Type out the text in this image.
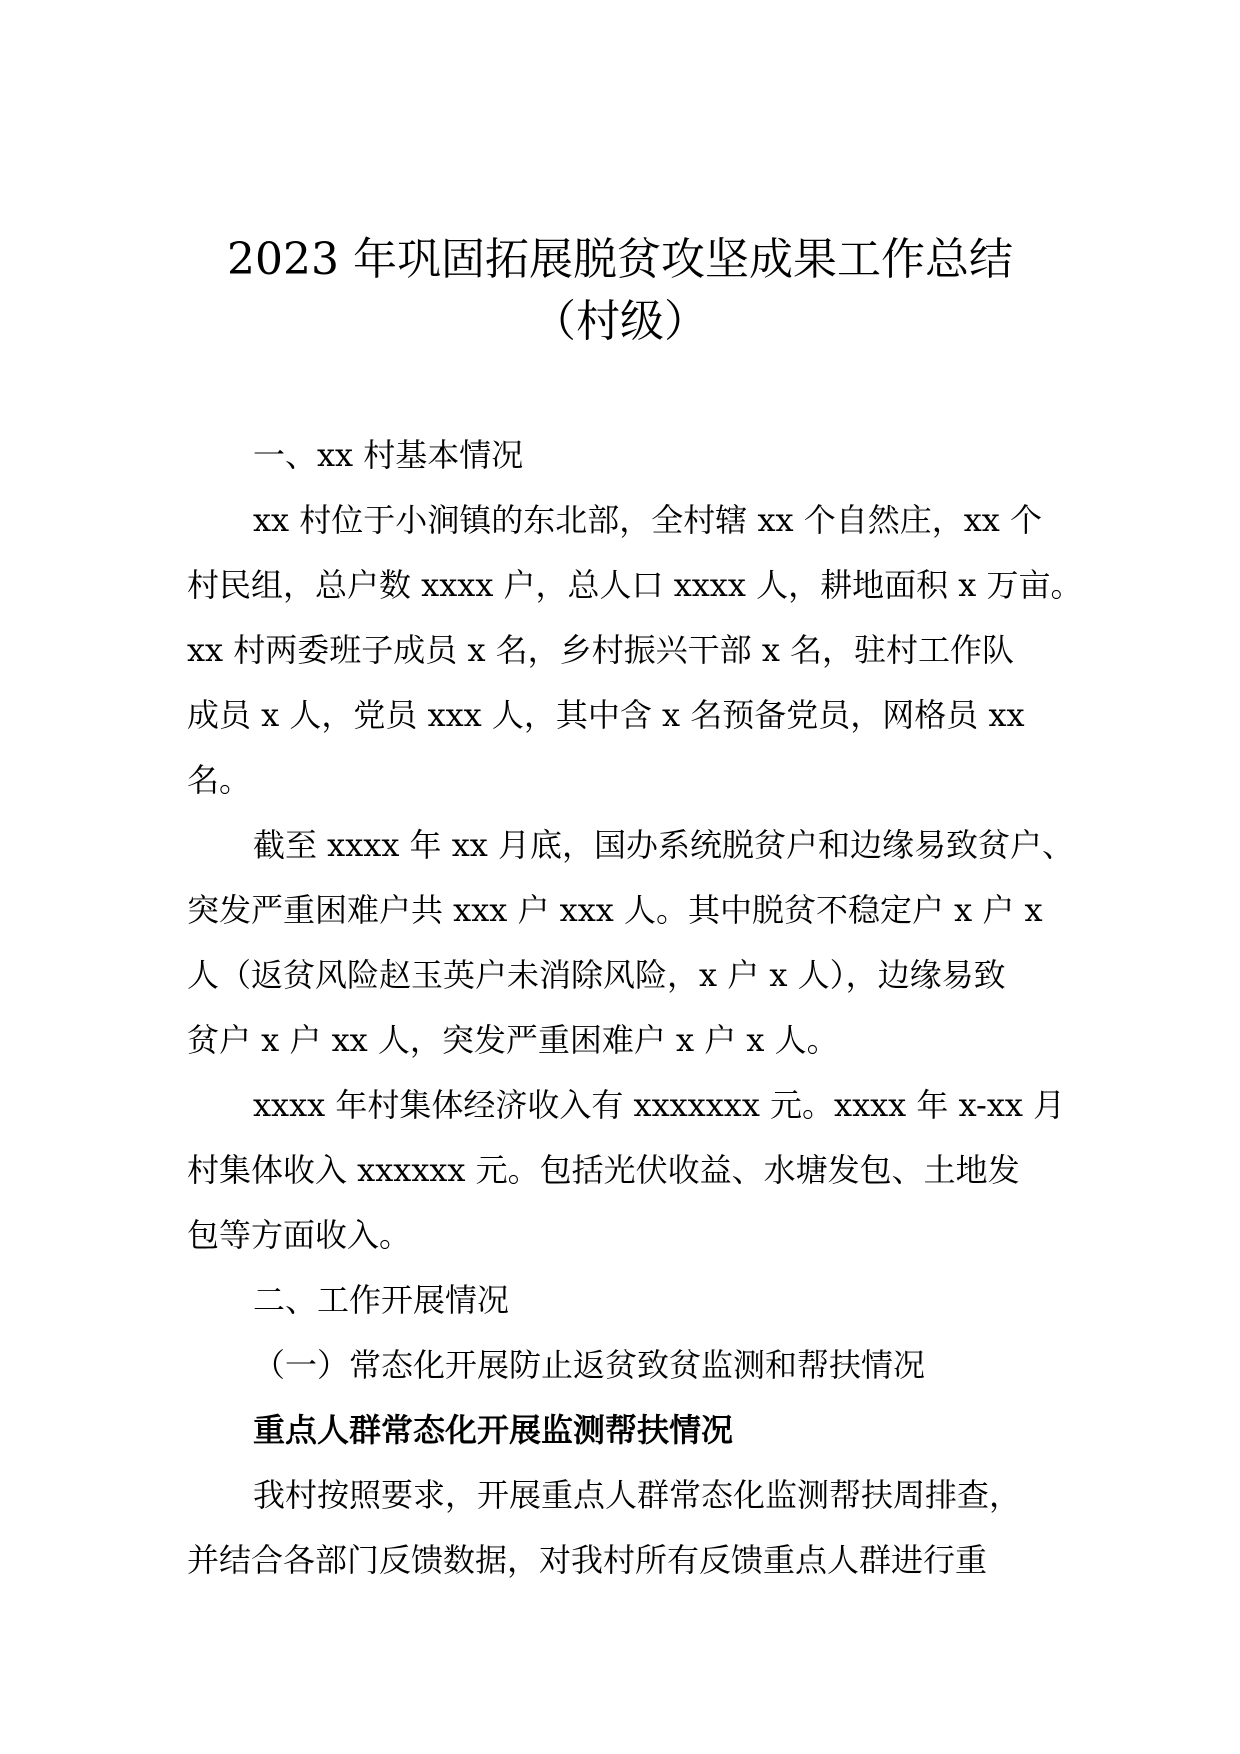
2023 年巩固拓展脱贫攻坚成果工作总结
（村级）
一、xx 村基本情况
xx 村位于小涧镇的东北部，全村辖 xx 个自然庄，xx 个
村民组，总户数 xxxx 户，总人口 xxxx 人，耕地面积 x 万亩。
xx 村两委班子成员 x 名，乡村振兴干部 x 名，驻村工作队
成员 x 人，党员 xxx 人，其中含 x 名预备党员，网格员 xx
名。
截至 xxxx 年 xx 月底，国办系统脱贫户和边缘易致贫户、
突发严重困难户共 xxx 户 xxx 人。其中脱贫不稳定户 x 户 x
人（返贫风险赵玉英户未消除风险，x 户 x 人），边缘易致
贫户 x 户 xx 人，突发严重困难户 x 户 x 人。
xxxx 年村集体经济收入有 xxxxxxx 元。xxxx 年 x-xx 月
村集体收入 xxxxxx 元。包括光伏收益、水塘发包、土地发
包等方面收入。
二、工作开展情况
（一）常态化开展防止返贫致贫监测和帮扶情况
重点人群常态化开展监测帮扶情况
我村按照要求，开展重点人群常态化监测帮扶周排查，
并结合各部门反馈数据，对我村所有反馈重点人群进行重
